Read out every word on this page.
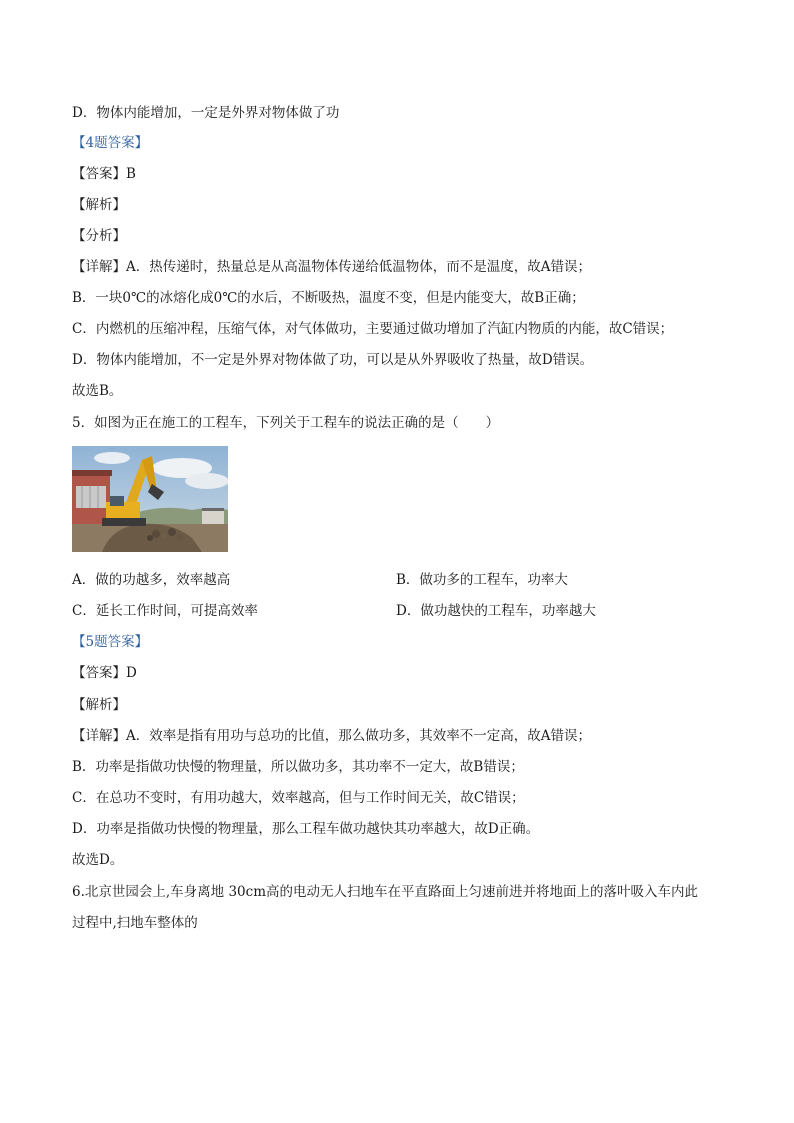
D．物体内能增加，一定是外界对物体做了功
【4题答案】
【答案】B
【解析】
【分析】
【详解】A．热传递时，热量总是从高温物体传递给低温物体，而不是温度，故A错误；
B．一块0℃的冰熔化成0℃的水后，不断吸热，温度不变，但是内能变大，故B正确；
C．内燃机的压缩冲程，压缩气体，对气体做功，主要通过做功增加了汽缸内物质的内能，故C错误；
D．物体内能增加，不一定是外界对物体做了功，可以是从外界吸收了热量，故D错误。
故选B。
5．如图为正在施工的工程车，下列关于工程车的说法正确的是（　　）
A．做的功越多，效率越高	B．做功多的工程车，功率大
C．延长工作时间，可提高效率	D．做功越快的工程车，功率越大
【5题答案】
【答案】D
【解析】
【详解】A．效率是指有用功与总功的比值，那么做功多，其效率不一定高，故A错误；
B．功率是指做功快慢的物理量，所以做功多，其功率不一定大，故B错误；
C．在总功不变时，有用功越大，效率越高，但与工作时间无关，故C错误；
D．功率是指做功快慢的物理量，那么工程车做功越快其功率越大，故D正确。
故选D。
6.北京世园会上,车身离地 30cm高的电动无人扫地车在平直路面上匀速前进并将地面上的落叶吸入车内此
过程中,扫地车整体的
